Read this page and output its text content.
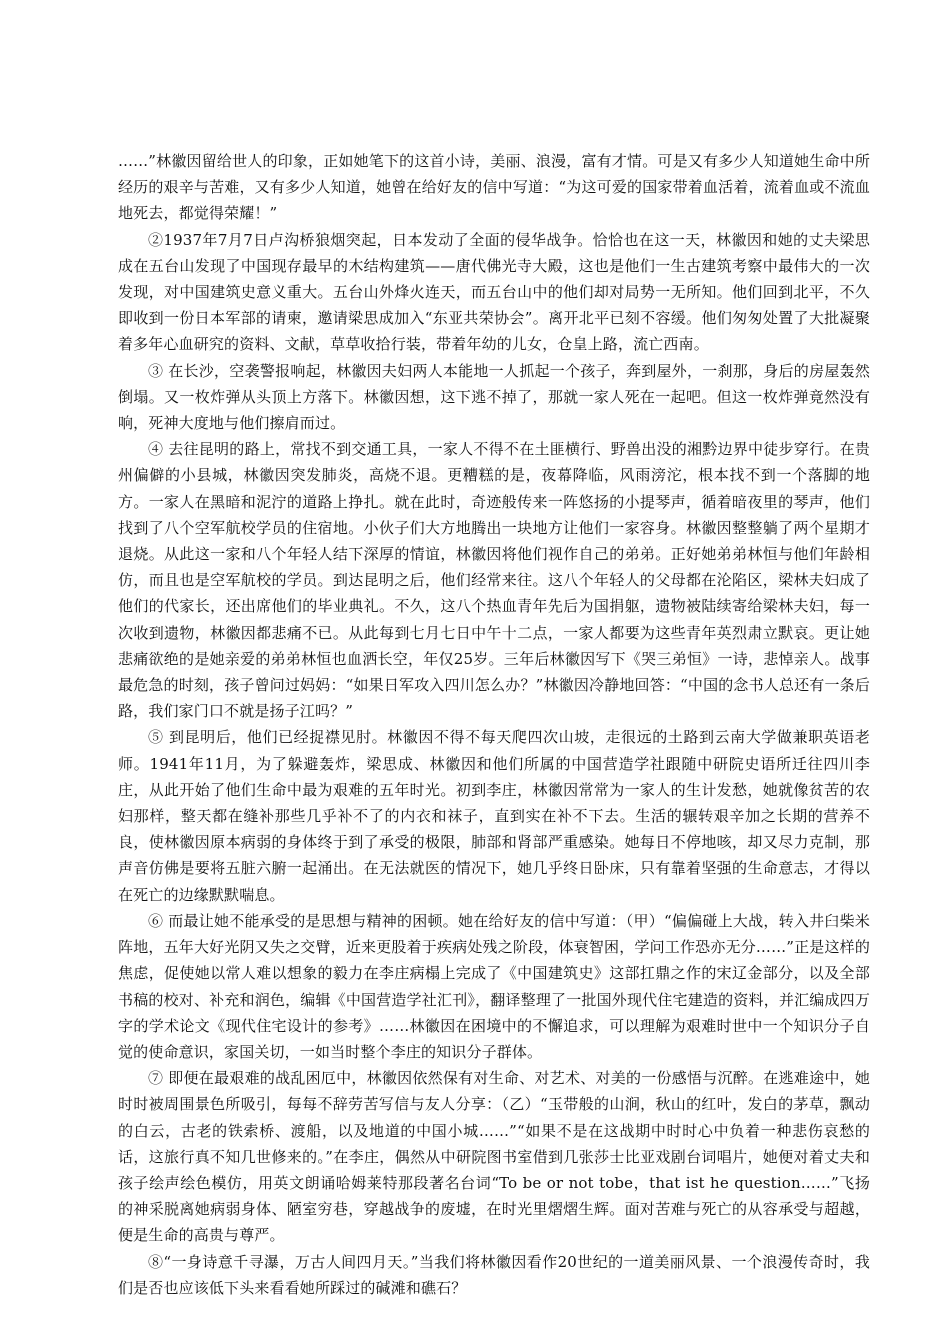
……”林徽因留给世人的印象，正如她笔下的这首小诗，美丽、浪漫，富有才情。可是又有多少人知道她生命中所经历的艰辛与苦难，又有多少人知道，她曾在给好友的信中写道：“为这可爱的国家带着血活着，流着血或不流血地死去，都觉得荣耀！”

②1937年7月7日卢沟桥狼烟突起，日本发动了全面的侵华战争。恰恰也在这一天，林徽因和她的丈夫梁思成在五台山发现了中国现存最早的木结构建筑——唐代佛光寺大殿，这也是他们一生古建筑考察中最伟大的一次发现，对中国建筑史意义重大。五台山外烽火连天，而五台山中的他们却对局势一无所知。他们回到北平，不久即收到一份日本军部的请柬，邀请梁思成加入“东亚共荣协会”。离开北平已刻不容缓。他们匆匆处置了大批凝聚着多年心血研究的资料、文献，草草收拾行装，带着年幼的儿女，仓皇上路，流亡西南。

③ 在长沙，空袭警报响起，林徽因夫妇两人本能地一人抓起一个孩子，奔到屋外，一刹那，身后的房屋轰然倒塌。又一枚炸弹从头顶上方落下。林徽因想，这下逃不掉了，那就一家人死在一起吧。但这一枚炸弹竟然没有响，死神大度地与他们擦肩而过。

④ 去往昆明的路上，常找不到交通工具，一家人不得不在土匪横行、野兽出没的湘黔边界中徒步穿行。在贵州偏僻的小县城，林徽因突发肺炎，高烧不退。更糟糕的是，夜幕降临，风雨滂沱，根本找不到一个落脚的地方。一家人在黑暗和泥泞的道路上挣扎。就在此时，奇迹般传来一阵悠扬的小提琴声，循着暗夜里的琴声，他们找到了八个空军航校学员的住宿地。小伙子们大方地腾出一块地方让他们一家容身。林徽因整整躺了两个星期才退烧。从此这一家和八个年轻人结下深厚的情谊，林徽因将他们视作自己的弟弟。正好她弟弟林恒与他们年龄相仿，而且也是空军航校的学员。到达昆明之后，他们经常来往。这八个年轻人的父母都在沦陷区，梁林夫妇成了他们的代家长，还出席他们的毕业典礼。不久，这八个热血青年先后为国捐躯，遗物被陆续寄给梁林夫妇，每一次收到遗物，林徽因都悲痛不已。从此每到七月七日中午十二点，一家人都要为这些青年英烈肃立默哀。更让她悲痛欲绝的是她亲爱的弟弟林恒也血洒长空，年仅25岁。三年后林徽因写下《哭三弟恒》一诗，悲悼亲人。战事最危急的时刻，孩子曾问过妈妈：“如果日军攻入四川怎么办？”林徽因冷静地回答：“中国的念书人总还有一条后路，我们家门口不就是扬子江吗？”

⑤ 到昆明后，他们已经捉襟见肘。林徽因不得不每天爬四次山坡，走很远的土路到云南大学做兼职英语老师。1941年11月，为了躲避轰炸，梁思成、林徽因和他们所属的中国营造学社跟随中研院史语所迁往四川李庄，从此开始了他们生命中最为艰难的五年时光。初到李庄，林徽因常常为一家人的生计发愁，她就像贫苦的农妇那样，整天都在缝补那些几乎补不了的内衣和袜子，直到实在补不下去。生活的辗转艰辛加之长期的营养不良，使林徽因原本病弱的身体终于到了承受的极限，肺部和肾部严重感染。她每日不停地咳，却又尽力克制，那声音仿佛是要将五脏六腑一起涌出。在无法就医的情况下，她几乎终日卧床，只有靠着坚强的生命意志，才得以在死亡的边缘默默喘息。

⑥ 而最让她不能承受的是思想与精神的困顿。她在给好友的信中写道：（甲）“偏偏碰上大战，转入井臼柴米阵地，五年大好光阴又失之交臂，近来更股着于疾病处残之阶段，体衰智困，学问工作恐亦无分……”正是这样的焦虑，促使她以常人难以想象的毅力在李庄病榻上完成了《中国建筑史》这部扛鼎之作的宋辽金部分，以及全部书稿的校对、补充和润色，编辑《中国营造学社汇刊》，翻译整理了一批国外现代住宅建造的资料，并汇编成四万字的学术论文《现代住宅设计的参考》……林徽因在困境中的不懈追求，可以理解为艰难时世中一个知识分子自觉的使命意识，家国关切，一如当时整个李庄的知识分子群体。

⑦ 即便在最艰难的战乱困厄中，林徽因依然保有对生命、对艺术、对美的一份感悟与沉醉。在逃难途中，她时时被周围景色所吸引，每每不辞劳苦写信与友人分享：（乙）“玉带般的山涧，秋山的红叶，发白的茅草，飘动的白云，古老的铁索桥、渡船，以及地道的中国小城……”“如果不是在这战期中时时心中负着一种悲伤哀愁的话，这旅行真不知几世修来的。”在李庄，偶然从中研院图书室借到几张莎士比亚戏剧台词唱片，她便对着丈夫和孩子绘声绘色模仿，用英文朗诵哈姆莱特那段著名台词“To be or not tobe，that ist he question……”飞扬的神采脱离她病弱身体、陋室穷巷，穿越战争的废墟，在时光里熠熠生辉。面对苦难与死亡的从容承受与超越，便是生命的高贵与尊严。

⑧“一身诗意千寻瀑，万古人间四月天。”当我们将林徽因看作20世纪的一道美丽风景、一个浪漫传奇时，我们是否也应该低下头来看看她所踩过的碱滩和礁石？
